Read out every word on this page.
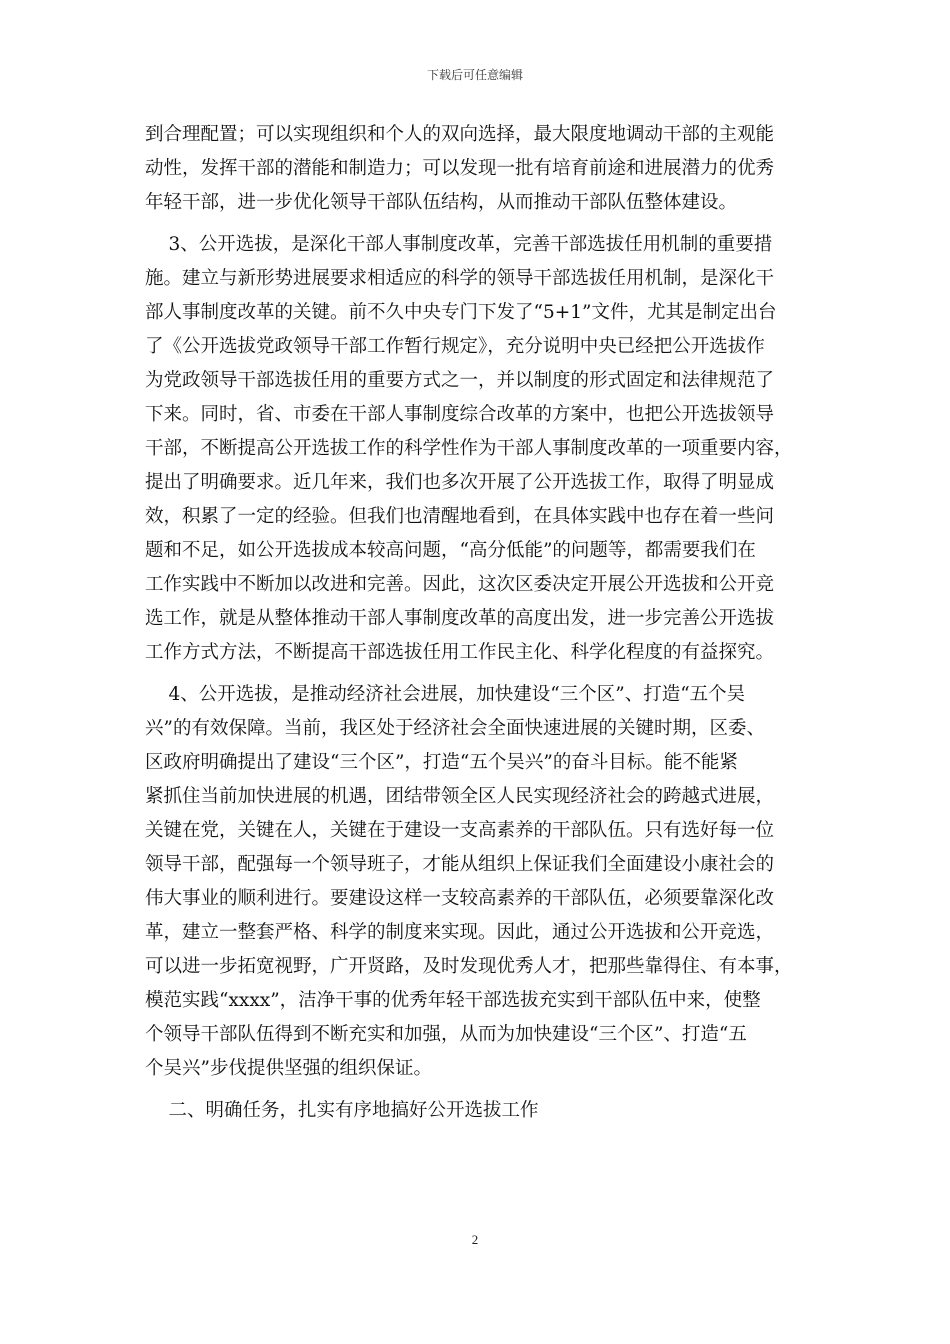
下载后可任意编辑
到合理配置；可以实现组织和个人的双向选择，最大限度地调动干部的主观能
动性，发挥干部的潜能和制造力；可以发现一批有培育前途和进展潜力的优秀
年轻干部，进一步优化领导干部队伍结构，从而推动干部队伍整体建设。
3、公开选拔，是深化干部人事制度改革，完善干部选拔任用机制的重要措
施。建立与新形势进展要求相适应的科学的领导干部选拔任用机制，是深化干
部人事制度改革的关键。前不久中央专门下发了“5+1”文件，尤其是制定出台
了《公开选拔党政领导干部工作暂行规定》，充分说明中央已经把公开选拔作
为党政领导干部选拔任用的重要方式之一，并以制度的形式固定和法律规范了
下来。同时，省、市委在干部人事制度综合改革的方案中，也把公开选拔领导
干部，不断提高公开选拔工作的科学性作为干部人事制度改革的一项重要内容，
提出了明确要求。近几年来，我们也多次开展了公开选拔工作，取得了明显成
效，积累了一定的经验。但我们也清醒地看到，在具体实践中也存在着一些问
题和不足，如公开选拔成本较高问题，“高分低能”的问题等，都需要我们在
工作实践中不断加以改进和完善。因此，这次区委决定开展公开选拔和公开竞
选工作，就是从整体推动干部人事制度改革的高度出发，进一步完善公开选拔
工作方式方法，不断提高干部选拔任用工作民主化、科学化程度的有益探究。
4、公开选拔，是推动经济社会进展，加快建设“三个区”、打造“五个吴
兴”的有效保障。当前，我区处于经济社会全面快速进展的关键时期，区委、
区政府明确提出了建设“三个区”，打造“五个吴兴”的奋斗目标。能不能紧
紧抓住当前加快进展的机遇，团结带领全区人民实现经济社会的跨越式进展，
关键在党，关键在人，关键在于建设一支高素养的干部队伍。只有选好每一位
领导干部，配强每一个领导班子，才能从组织上保证我们全面建设小康社会的
伟大事业的顺利进行。要建设这样一支较高素养的干部队伍，必须要靠深化改
革，建立一整套严格、科学的制度来实现。因此，通过公开选拔和公开竞选，
可以进一步拓宽视野，广开贤路，及时发现优秀人才，把那些靠得住、有本事，
模范实践“xxxx”，洁净干事的优秀年轻干部选拔充实到干部队伍中来，使整
个领导干部队伍得到不断充实和加强，从而为加快建设“三个区”、打造“五
个吴兴”步伐提供坚强的组织保证。
二、明确任务，扎实有序地搞好公开选拔工作
2
